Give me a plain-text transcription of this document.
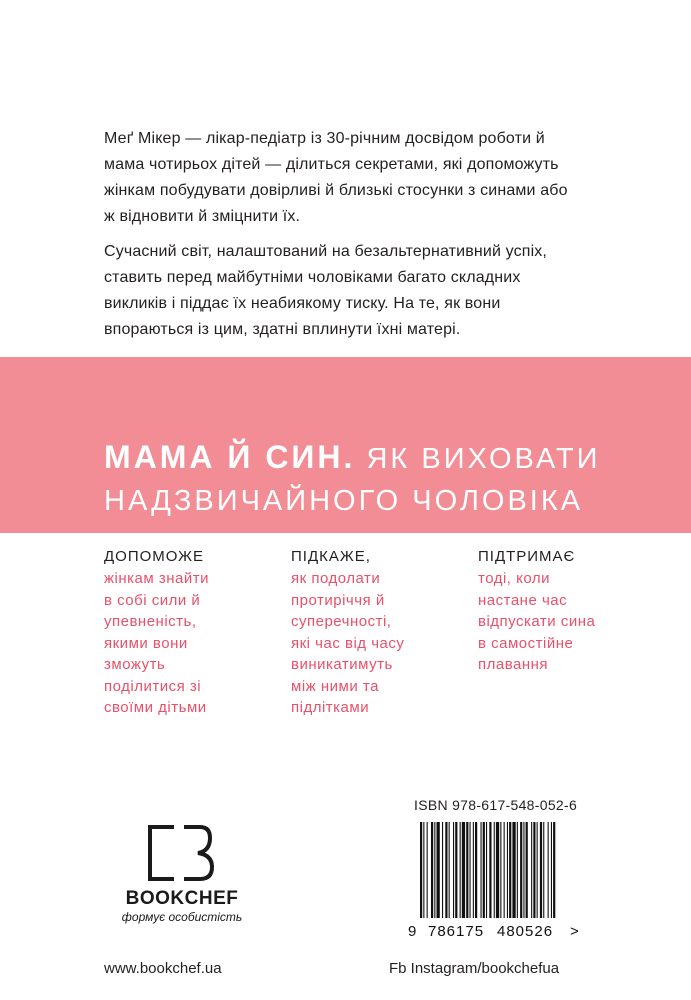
Меґ Мікер — лікар-педіатр із 30-річним досвідом роботи й
мама чотирьох дітей — ділиться секретами, які допоможуть
жінкам побудувати довірливі й близькі стосунки з синами або
ж відновити й зміцнити їх.

Сучасний світ, налаштований на безальтернативний успіх,
ставить перед майбутніми чоловіками багато складних
викликів і піддає їх неабиякому тиску. На те, як вони
впораються із цим, здатні вплинути їхні матері.

МАМА Й СИН. ЯК ВИХОВАТИ
НАДЗВИЧАЙНОГО ЧОЛОВІКА
ДОПОМОЖЕ
жінкам знайти
в собі сили й
упевненість,
якими вони
зможуть
поділитися зі
своїми дітьми
ПІДКАЖЕ,
як подолати
протиріччя й
суперечності,
які час від часу
виникатимуть
між ними та
підлітками
ПІДТРИМАЄ
тоді, коли
настане час
відпускати сина
в самостійне
плавання
ISBN 978-617-548-052-6
9 786175 480526 >
BOOKCHEF
формує особистість
www.bookchef.ua	Fb Instagram/bookchefua
